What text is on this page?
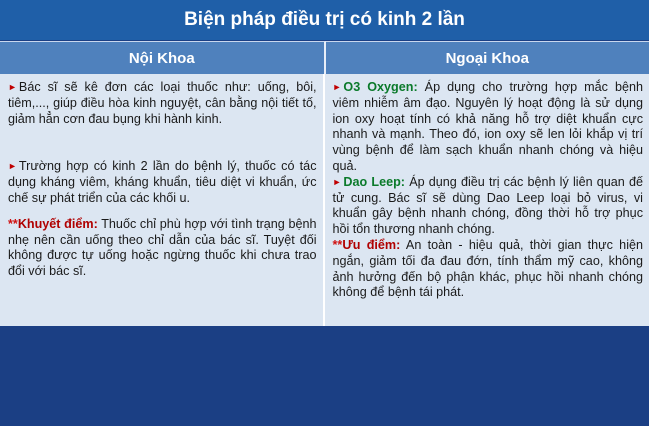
Biện pháp điều trị có kinh 2 lần
Nội Khoa	Ngoại Khoa

► Bác sĩ sẽ kê đơn các loại thuốc như: uống, bôi, tiêm,..., giúp điều hòa kinh nguyệt, cân bằng nội tiết tố, giảm hẳn cơn đau bụng khi hành kinh.

► Trường hợp có kinh 2 lần do bệnh lý, thuốc có tác dụng kháng viêm, kháng khuẩn, tiêu diệt vi khuẩn, ức chế sự phát triển của các khối u.

**Khuyết điểm: Thuốc chỉ phù hợp với tình trạng bệnh nhẹ nên cần uống theo chỉ dẫn của bác sĩ. Tuyệt đối không được tự uống hoặc ngừng thuốc khi chưa trao đổi với bác sĩ.

► O3 Oxygen: Áp dụng cho trường hợp mắc bệnh viêm nhiễm âm đạo. Nguyên lý hoạt động là sử dụng ion oxy hoạt tính có khả năng hỗ trợ diệt khuẩn cực nhanh và mạnh. Theo đó, ion oxy sẽ len lỏi khắp vị trí vùng bệnh để làm sạch khuẩn nhanh chóng và hiệu quả.

► Dao Leep: Áp dụng điều trị các bệnh lý liên quan đế tử cung. Bác sĩ sẽ dùng Dao Leep loại bỏ virus, vi khuẩn gây bệnh nhanh chóng, đồng thời hỗ trợ phục hồi tổn thương nhanh chóng.

**Ưu điểm: An toàn - hiệu quả, thời gian thực hiện ngắn, giảm tối đa đau đớn, tính thẩm mỹ cao, không ảnh hưởng đến bộ phận khác, phục hồi nhanh chóng không để bệnh tái phát.
